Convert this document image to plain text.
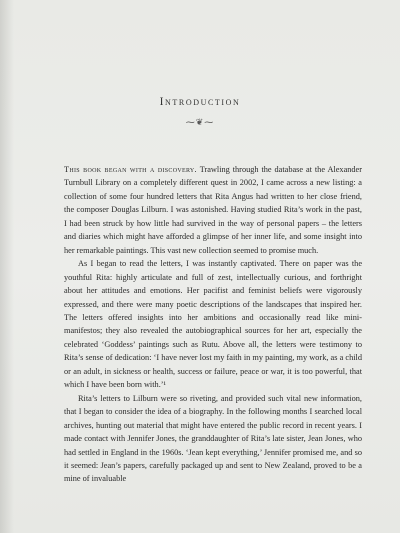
Introduction
⁓❦⁓

This book began with a discovery. Trawling through the database at the Alexander Turnbull Library on a completely different quest in 2002, I came across a new listing: a collection of some four hundred letters that Rita Angus had written to her close friend, the composer Douglas Lilburn. I was astonished. Having studied Rita’s work in the past, I had been struck by how little had survived in the way of personal papers – the letters and diaries which might have afforded a glimpse of her inner life, and some insight into her remarkable paintings. This vast new collection seemed to promise much.

As I began to read the letters, I was instantly captivated. There on paper was the youthful Rita: highly articulate and full of zest, intellectually curious, and forthright about her attitudes and emotions. Her pacifist and feminist beliefs were vigorously expressed, and there were many poetic descriptions of the landscapes that inspired her. The letters offered insights into her ambitions and occasionally read like mini-manifestos; they also revealed the autobiographical sources for her art, especially the celebrated ‘Goddess’ paintings such as Rutu. Above all, the letters were testimony to Rita’s sense of dedication: ‘I have never lost my faith in my painting, my work, as a child or an adult, in sickness or health, success or failure, peace or war, it is too powerful, that which I have been born with.’¹

Rita’s letters to Lilburn were so riveting, and provided such vital new information, that I began to consider the idea of a biography. In the following months I searched local archives, hunting out material that might have entered the public record in recent years. I made contact with Jennifer Jones, the granddaughter of Rita’s late sister, Jean Jones, who had settled in England in the 1960s. ‘Jean kept everything,’ Jennifer promised me, and so it seemed: Jean’s papers, carefully packaged up and sent to New Zealand, proved to be a mine of invaluable
